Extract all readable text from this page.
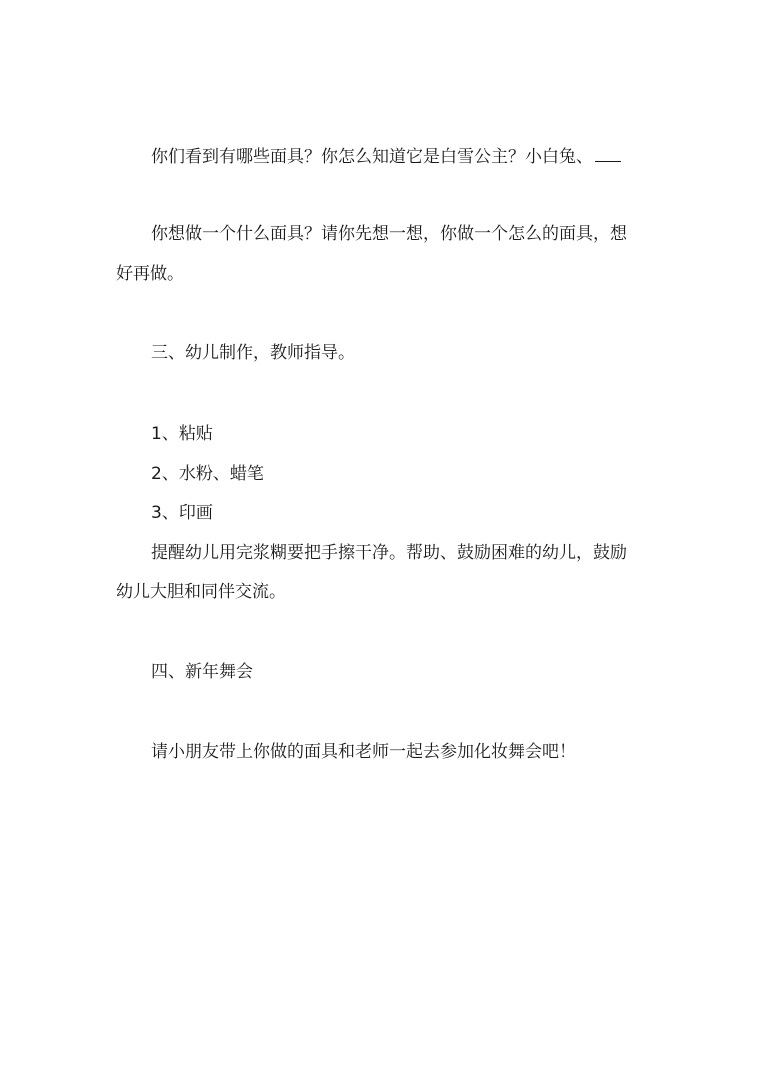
你们看到有哪些面具？你怎么知道它是白雪公主？小白兔、
你想做一个什么面具？请你先想一想，你做一个怎么的面具，想
好再做。
三、幼儿制作，教师指导。
1、粘贴
2、水粉、蜡笔
3、印画
提醒幼儿用完浆糊要把手擦干净。帮助、鼓励困难的幼儿，鼓励
幼儿大胆和同伴交流。
四、新年舞会
请小朋友带上你做的面具和老师一起去参加化妆舞会吧！
